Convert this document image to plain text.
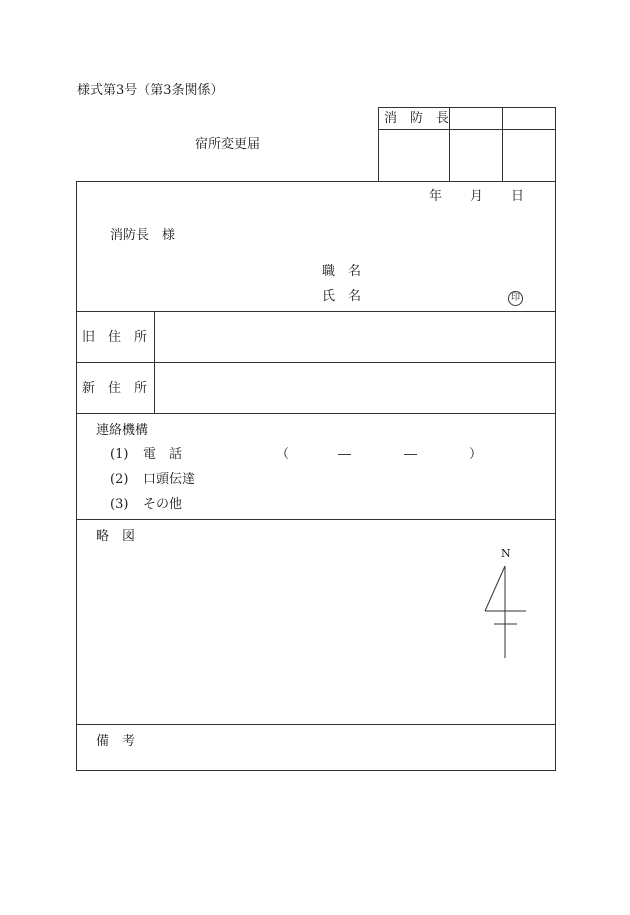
様式第3号（第3条関係）
宿所変更届
消　防　長
年 月 日
消防長　様
職　名
氏　名	印
旧　住　所
新　住　所
連絡機構
(1) 電　話	（	―	―	）
(2) 口頭伝達
(3) その他
略　図
N
備　考
